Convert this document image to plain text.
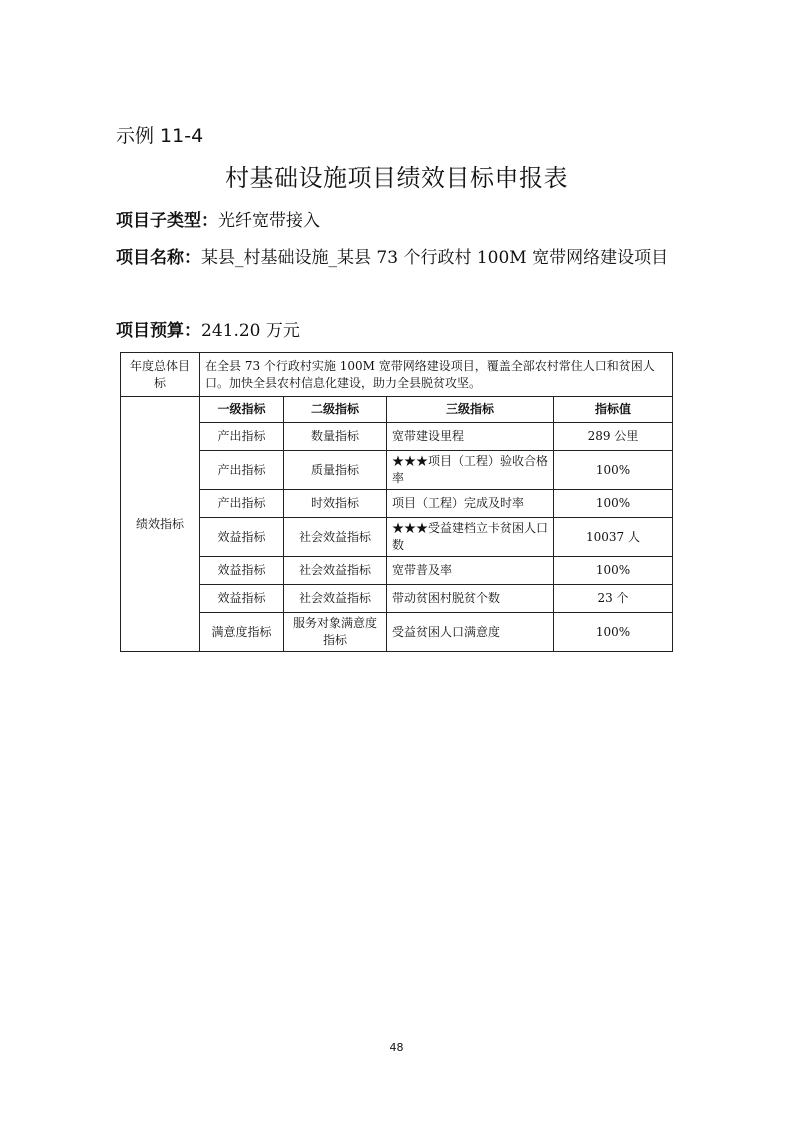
示例 11-4
村基础设施项目绩效目标申报表
项目子类型：光纤宽带接入
项目名称：某县_村基础设施_某县 73 个行政村 100M 宽带网络建设项目
项目预算：241.20 万元
年度总体目标	在全县 73 个行政村实施 100M 宽带网络建设项目，覆盖全部农村常住人口和贫困人口。加快全县农村信息化建设，助力全县脱贫攻坚。			
绩效指标	一级指标	二级指标	三级指标	指标值
	产出指标	数量指标	宽带建设里程	289 公里
	产出指标	质量指标	★★★项目（工程）验收合格率	100%
	产出指标	时效指标	项目（工程）完成及时率	100%
	效益指标	社会效益指标	★★★受益建档立卡贫困人口数	10037 人
	效益指标	社会效益指标	宽带普及率	100%
	效益指标	社会效益指标	带动贫困村脱贫个数	23 个
	满意度指标	服务对象满意度指标	受益贫困人口满意度	100%
48
